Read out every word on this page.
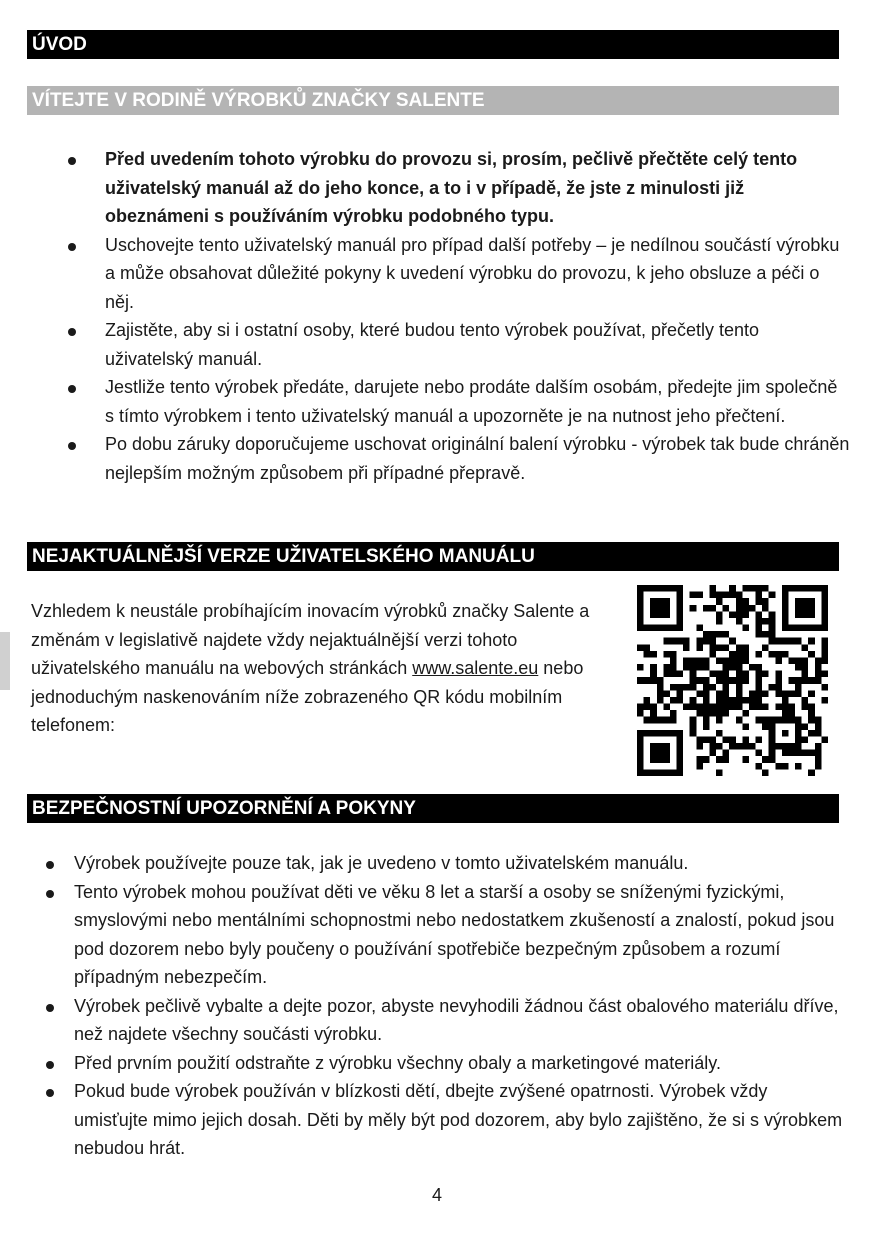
ÚVOD
VÍTEJTE V RODINĚ VÝROBKŮ ZNAČKY SALENTE
Před uvedením tohoto výrobku do provozu si, prosím, pečlivě přečtěte celý tento uživatelský manuál až do jeho konce, a to i v případě, že jste z minulosti již obeznámeni s používáním výrobku podobného typu.
Uschovejte tento uživatelský manuál pro případ další potřeby – je nedílnou součástí výrobku a může obsahovat důležité pokyny k uvedení výrobku do provozu, k jeho obsluze a péči o něj.
Zajistěte, aby si i ostatní osoby, které budou tento výrobek používat, přečetly tento uživatelský manuál.
Jestliže tento výrobek předáte, darujete nebo prodáte dalším osobám, předejte jim společně s tímto výrobkem i tento uživatelský manuál a upozorněte je na nutnost jeho přečtení.
Po dobu záruky doporučujeme uschovat originální balení výrobku - výrobek tak bude chráněn nejlepším možným způsobem při případné přepravě.
NEJAKTUÁLNĚJŠÍ VERZE UŽIVATELSKÉHO MANUÁLU
Vzhledem k neustále probíhajícím inovacím výrobků značky Salente a změnám v legislativě najdete vždy nejaktuálnější verzi tohoto uživatelského manuálu na webových stránkách www.salente.eu nebo jednoduchým naskenováním níže zobrazeného QR kódu mobilním telefonem:
BEZPEČNOSTNÍ UPOZORNĚNÍ A POKYNY
Výrobek používejte pouze tak, jak je uvedeno v tomto uživatelském manuálu.
Tento výrobek mohou používat děti ve věku 8 let a starší a osoby se sníženými fyzickými, smyslovými nebo mentálními schopnostmi nebo nedostatkem zkušeností a znalostí, pokud jsou pod dozorem nebo byly poučeny o používání spotřebiče bezpečným způsobem a rozumí případným nebezpečím.
Výrobek pečlivě vybalte a dejte pozor, abyste nevyhodili žádnou část obalového materiálu dříve, než najdete všechny součásti výrobku.
Před prvním použití odstraňte z výrobku všechny obaly a marketingové materiály.
Pokud bude výrobek používán v blízkosti dětí, dbejte zvýšené opatrnosti. Výrobek vždy umisťujte mimo jejich dosah. Děti by měly být pod dozorem, aby bylo zajištěno, že si s výrobkem nebudou hrát.
4
